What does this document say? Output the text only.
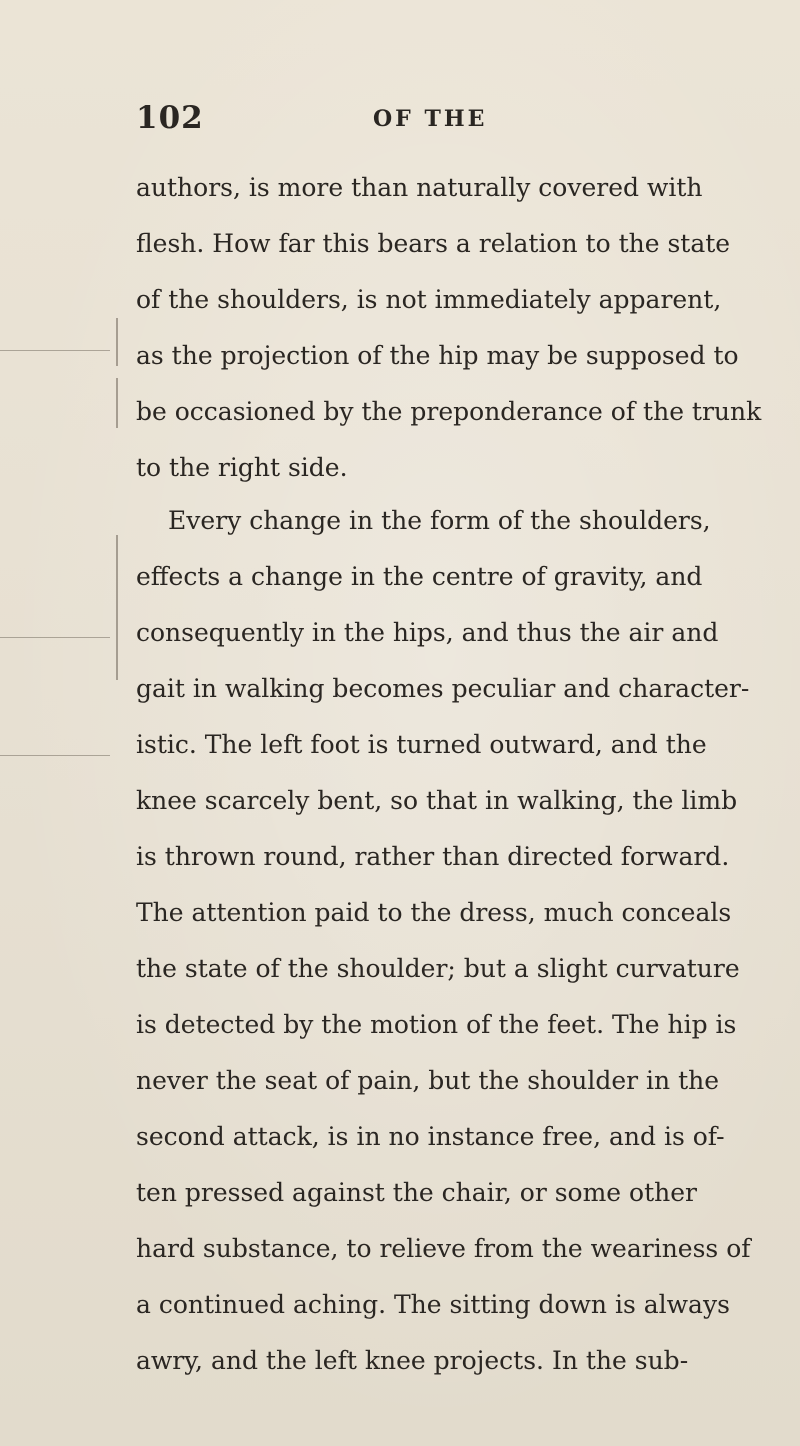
102	OF THE
authors, is more than naturally covered with
flesh. How far this bears a relation to the state
of the shoulders, is not immediately apparent,
as the projection of the hip may be supposed to
be occasioned by the preponderance of the trunk
to the right side.
Every change in the form of the shoulders,
effects a change in the centre of gravity, and
consequently in the hips, and thus the air and
gait in walking becomes peculiar and character-
istic. The left foot is turned outward, and the
knee scarcely bent, so that in walking, the limb
is thrown round, rather than directed forward.
The attention paid to the dress, much conceals
the state of the shoulder; but a slight curvature
is detected by the motion of the feet. The hip is
never the seat of pain, but the shoulder in the
second attack, is in no instance free, and is of-
ten pressed against the chair, or some other
hard substance, to relieve from the weariness of
a continued aching. The sitting down is always
awry, and the left knee projects. In the sub-
